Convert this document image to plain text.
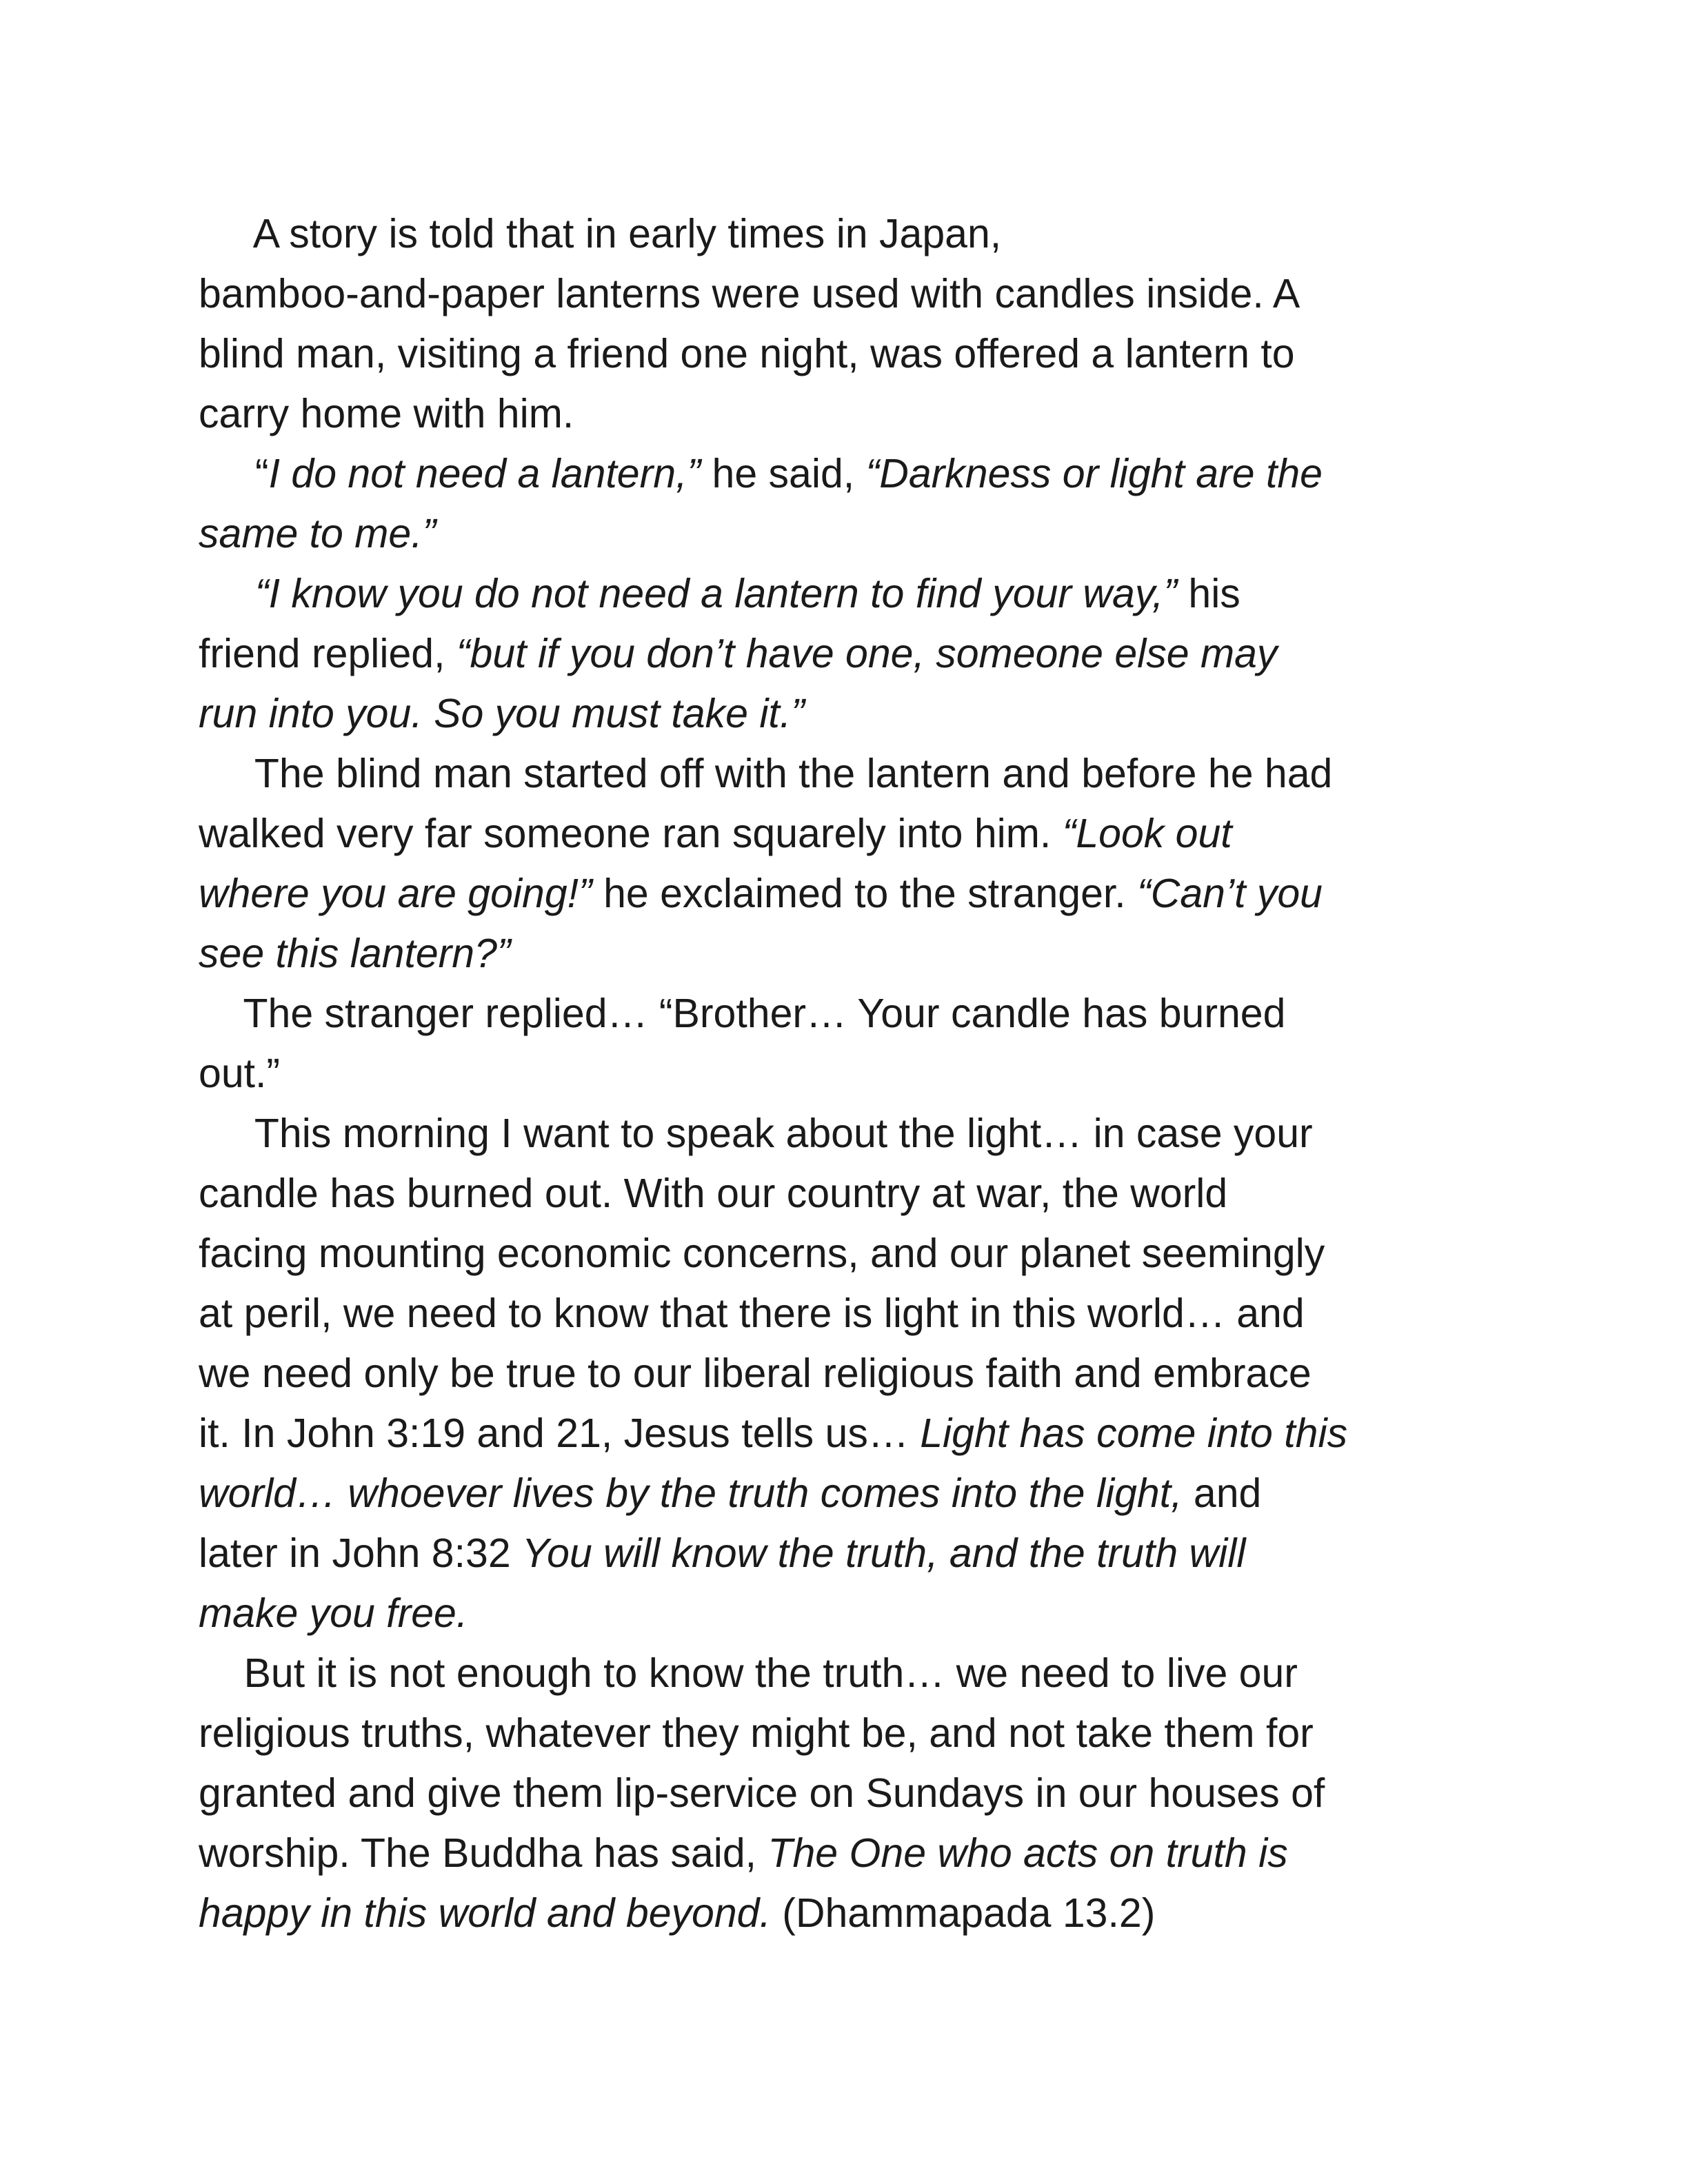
A story is told that in early times in Japan,
bamboo-and-paper lanterns were used with candles inside. A
blind man, visiting a friend one night, was offered a lantern to
carry home with him.
“I do not need a lantern,” he said, “Darkness or light are the
same to me.”
“I know you do not need a lantern to find your way,” his
friend replied, “but if you don’t have one, someone else may
run into you. So you must take it.”
The blind man started off with the lantern and before he had
walked very far someone ran squarely into him. “Look out
where you are going!” he exclaimed to the stranger. “Can’t you
see this lantern?”
The stranger replied… “Brother… Your candle has burned
out.”
This morning I want to speak about the light… in case your
candle has burned out. With our country at war, the world
facing mounting economic concerns, and our planet seemingly
at peril, we need to know that there is light in this world… and
we need only be true to our liberal religious faith and embrace
it. In John 3:19 and 21, Jesus tells us… Light has come into this
world… whoever lives by the truth comes into the light, and
later in John 8:32 You will know the truth, and the truth will
make you free.
But it is not enough to know the truth… we need to live our
religious truths, whatever they might be, and not take them for
granted and give them lip-service on Sundays in our houses of
worship. The Buddha has said, The One who acts on truth is
happy in this world and beyond. (Dhammapada 13.2)
